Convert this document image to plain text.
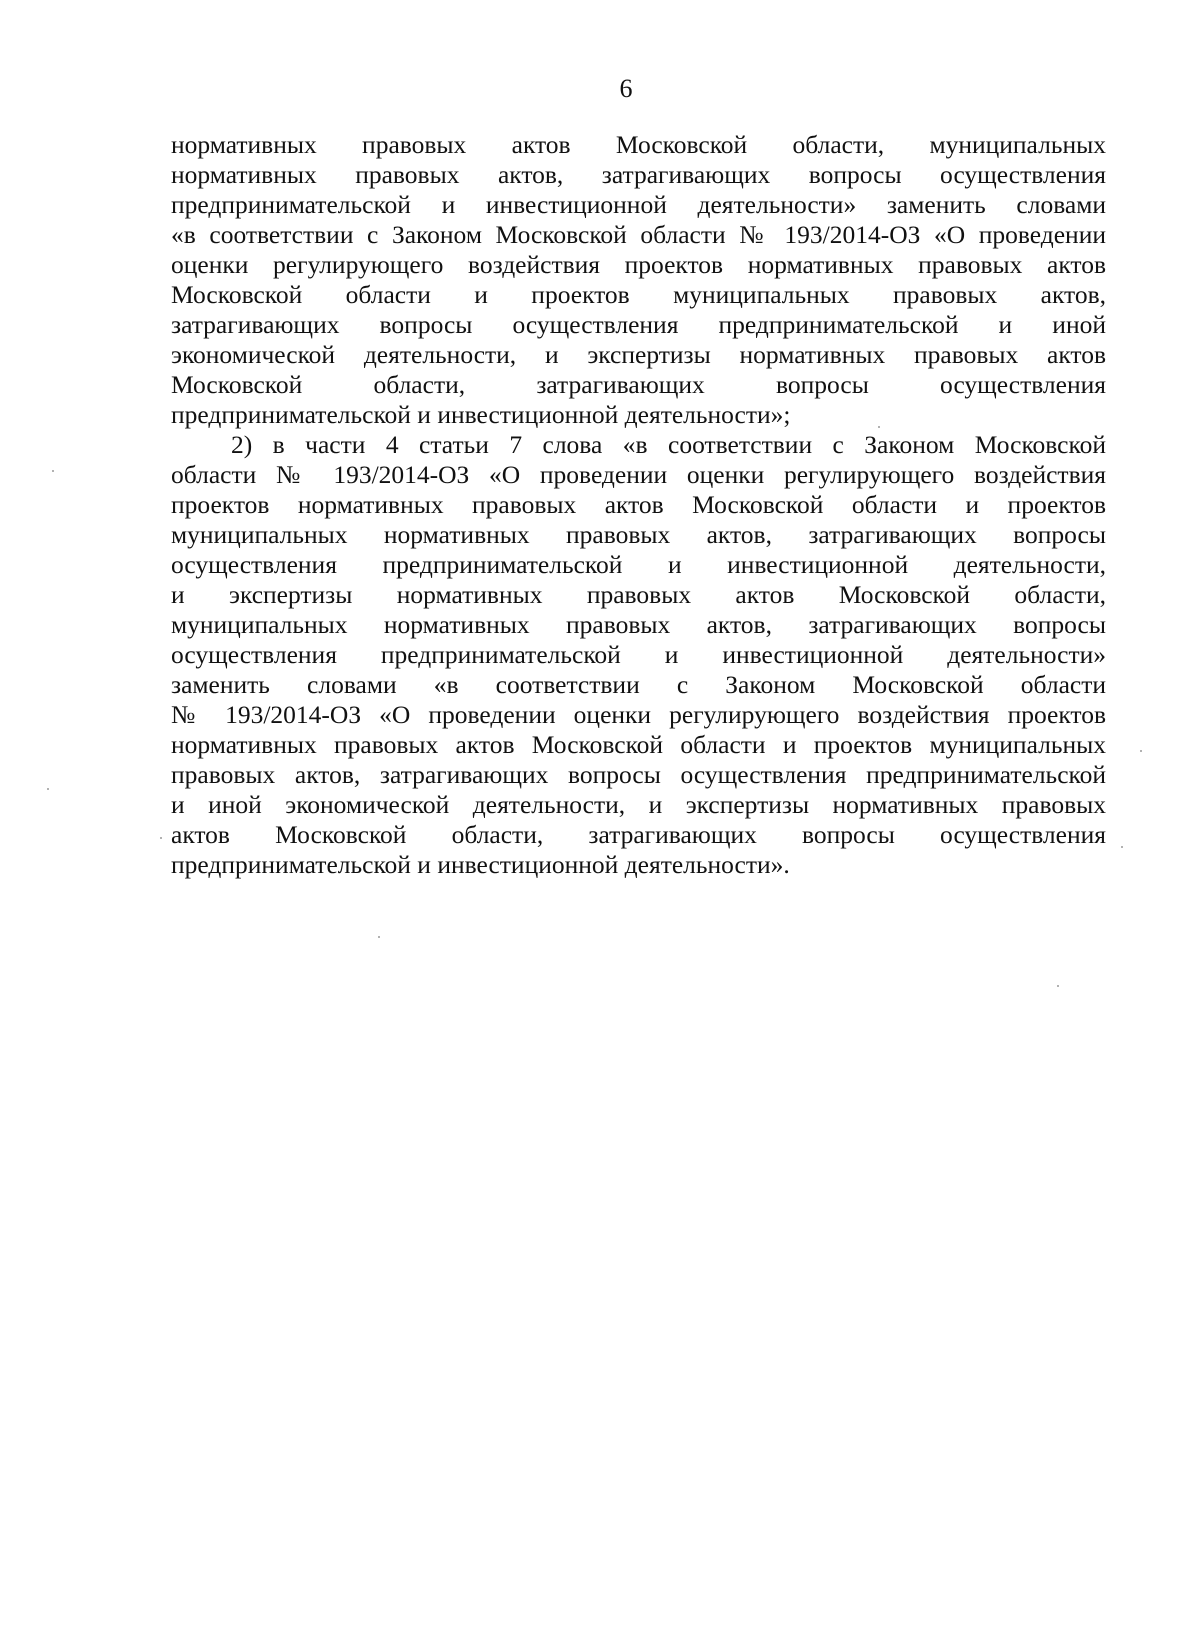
6
нормативных правовых актов Московской области, муниципальных
нормативных правовых актов, затрагивающих вопросы осуществления
предпринимательской и инвестиционной деятельности» заменить словами
«в соответствии с Законом Московской области № 193/2014-ОЗ «О проведении
оценки регулирующего воздействия проектов нормативных правовых актов
Московской области и проектов муниципальных правовых актов,
затрагивающих вопросы осуществления предпринимательской и иной
экономической деятельности, и экспертизы нормативных правовых актов
Московской области, затрагивающих вопросы осуществления
предпринимательской и инвестиционной деятельности»;
2) в части 4 статьи 7 слова «в соответствии с Законом Московской
области № 193/2014-ОЗ «О проведении оценки регулирующего воздействия
проектов нормативных правовых актов Московской области и проектов
муниципальных нормативных правовых актов, затрагивающих вопросы
осуществления предпринимательской и инвестиционной деятельности,
и экспертизы нормативных правовых актов Московской области,
муниципальных нормативных правовых актов, затрагивающих вопросы
осуществления предпринимательской и инвестиционной деятельности»
заменить словами «в соответствии с Законом Московской области
№ 193/2014-ОЗ «О проведении оценки регулирующего воздействия проектов
нормативных правовых актов Московской области и проектов муниципальных
правовых актов, затрагивающих вопросы осуществления предпринимательской
и иной экономической деятельности, и экспертизы нормативных правовых
актов Московской области, затрагивающих вопросы осуществления
предпринимательской и инвестиционной деятельности».
